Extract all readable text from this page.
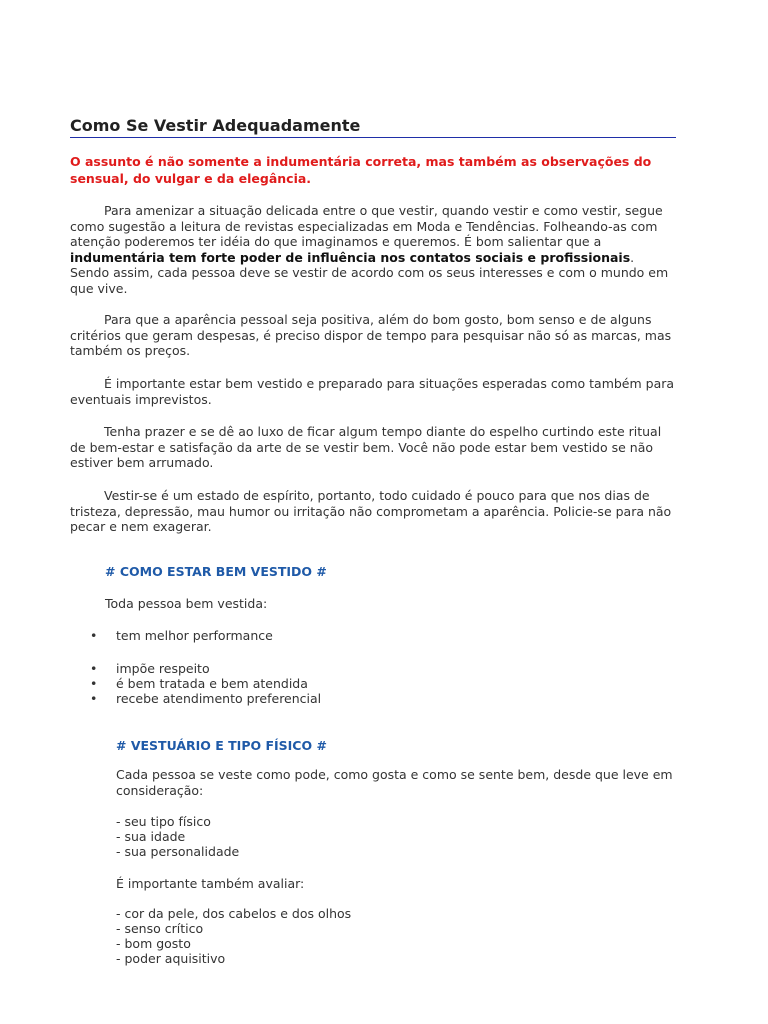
Como Se Vestir Adequadamente
O assunto é não somente a indumentária correta, mas também as observações do sensual, do vulgar e da elegância.
Para amenizar a situação delicada entre o que vestir, quando vestir e como vestir, segue como sugestão a leitura de revistas especializadas em Moda e Tendências. Folheando-as com atenção poderemos ter idéia do que imaginamos e queremos. É bom salientar que a indumentária tem forte poder de influência nos contatos sociais e profissionais. Sendo assim, cada pessoa deve se vestir de acordo com os seus interesses e com o mundo em que vive.
Para que a aparência pessoal seja positiva, além do bom gosto, bom senso e de alguns critérios que geram despesas, é preciso dispor de tempo para pesquisar não só as marcas, mas também os preços.
É importante estar bem vestido e preparado para situações esperadas como também para eventuais imprevistos.
Tenha prazer e se dê ao luxo de ficar algum tempo diante do espelho curtindo este ritual de bem-estar e satisfação da arte de se vestir bem. Você não pode estar bem vestido se não estiver bem arrumado.
Vestir-se é um estado de espírito, portanto, todo cuidado é pouco para que nos dias de tristeza, depressão, mau humor ou irritação não comprometam a aparência. Policie-se para não pecar e nem exagerar.
# COMO ESTAR BEM VESTIDO #
Toda pessoa bem vestida:
• tem melhor performance
• impõe respeito
• é bem tratada e bem atendida
• recebe atendimento preferencial
# VESTUÁRIO E TIPO FÍSICO #
Cada pessoa se veste como pode, como gosta e como se sente bem, desde que leve em consideração:
- seu tipo físico
- sua idade
- sua personalidade
É importante também avaliar:
- cor da pele, dos cabelos e dos olhos
- senso crítico
- bom gosto
- poder aquisitivo
